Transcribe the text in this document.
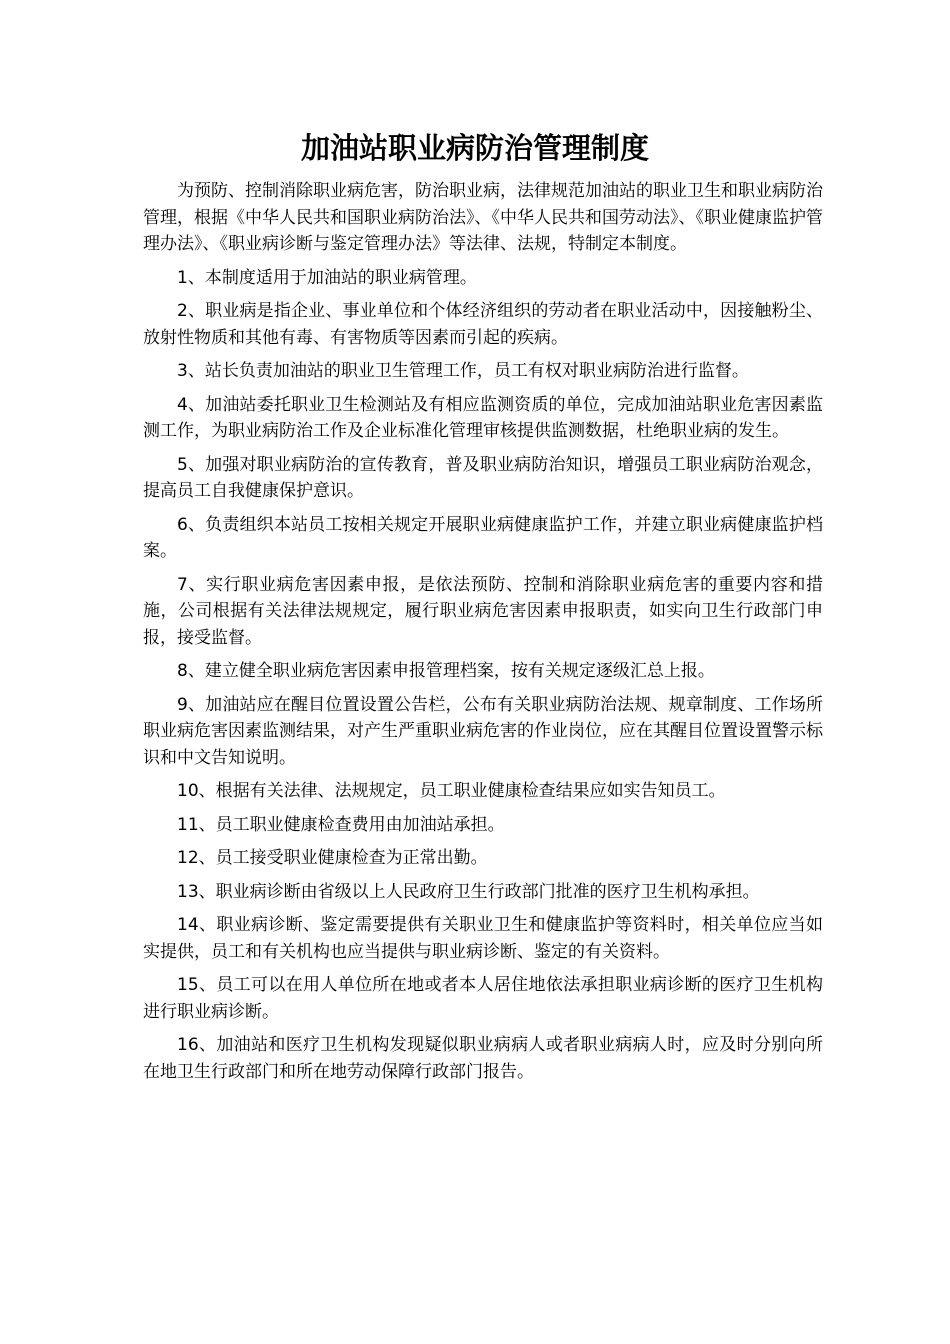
加油站职业病防治管理制度

为预防、控制消除职业病危害，防治职业病，法律规范加油站的职业卫生和职业病防治管理，根据《中华人民共和国职业病防治法》、《中华人民共和国劳动法》、《职业健康监护管理办法》、《职业病诊断与鉴定管理办法》等法律、法规，特制定本制度。

1、本制度适用于加油站的职业病管理。

2、职业病是指企业、事业单位和个体经济组织的劳动者在职业活动中，因接触粉尘、放射性物质和其他有毒、有害物质等因素而引起的疾病。

3、站长负责加油站的职业卫生管理工作，员工有权对职业病防治进行监督。

4、加油站委托职业卫生检测站及有相应监测资质的单位，完成加油站职业危害因素监测工作，为职业病防治工作及企业标准化管理审核提供监测数据，杜绝职业病的发生。

5、加强对职业病防治的宣传教育，普及职业病防治知识，增强员工职业病防治观念，提高员工自我健康保护意识。

6、负责组织本站员工按相关规定开展职业病健康监护工作，并建立职业病健康监护档案。

7、实行职业病危害因素申报，是依法预防、控制和消除职业病危害的重要内容和措施，公司根据有关法律法规规定，履行职业病危害因素申报职责，如实向卫生行政部门申报，接受监督。

8、建立健全职业病危害因素申报管理档案，按有关规定逐级汇总上报。

9、加油站应在醒目位置设置公告栏，公布有关职业病防治法规、规章制度、工作场所职业病危害因素监测结果，对产生严重职业病危害的作业岗位，应在其醒目位置设置警示标识和中文告知说明。

10、根据有关法律、法规规定，员工职业健康检查结果应如实告知员工。

11、员工职业健康检查费用由加油站承担。

12、员工接受职业健康检查为正常出勤。

13、职业病诊断由省级以上人民政府卫生行政部门批准的医疗卫生机构承担。

14、职业病诊断、鉴定需要提供有关职业卫生和健康监护等资料时，相关单位应当如实提供，员工和有关机构也应当提供与职业病诊断、鉴定的有关资料。

15、员工可以在用人单位所在地或者本人居住地依法承担职业病诊断的医疗卫生机构进行职业病诊断。

16、加油站和医疗卫生机构发现疑似职业病病人或者职业病病人时，应及时分别向所在地卫生行政部门和所在地劳动保障行政部门报告。
